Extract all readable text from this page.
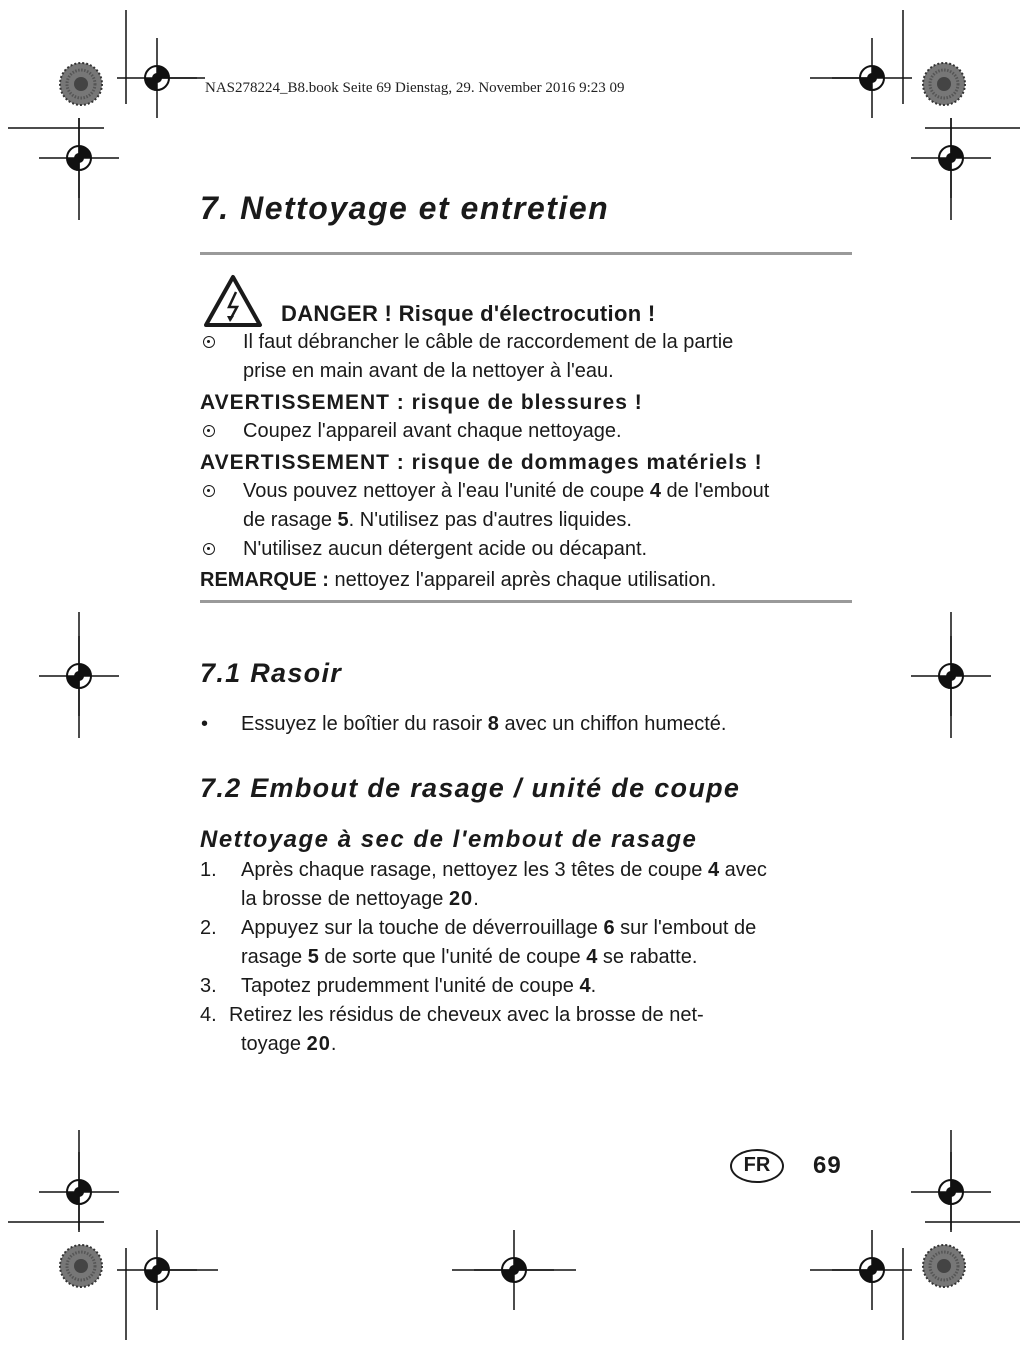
NAS278224_B8.book Seite 69 Dienstag, 29. November 2016 9:23 09
7. Nettoyage et entretien
DANGER ! Risque d'électrocution !
Il faut débrancher le câble de raccordement de la partie
prise en main avant de la nettoyer à l'eau.
AVERTISSEMENT : risque de blessures !
Coupez l'appareil avant chaque nettoyage.
AVERTISSEMENT : risque de dommages matériels !
Vous pouvez nettoyer à l'eau l'unité de coupe 4 de l'embout
de rasage 5. N'utilisez pas d'autres liquides.
N'utilisez aucun détergent acide ou décapant.
REMARQUE : nettoyez l'appareil après chaque utilisation.
7.1 Rasoir
• Essuyez le boîtier du rasoir 8 avec un chiffon humecté.
7.2 Embout de rasage / unité de coupe
Nettoyage à sec de l'embout de rasage
1. Après chaque rasage, nettoyez les 3 têtes de coupe 4 avec
la brosse de nettoyage 20.
2. Appuyez sur la touche de déverrouillage 6 sur l'embout de
rasage 5 de sorte que l'unité de coupe 4 se rabatte.
3. Tapotez prudemment l'unité de coupe 4.
4. Retirez les résidus de cheveux avec la brosse de net-
toyage 20.
FR	69
